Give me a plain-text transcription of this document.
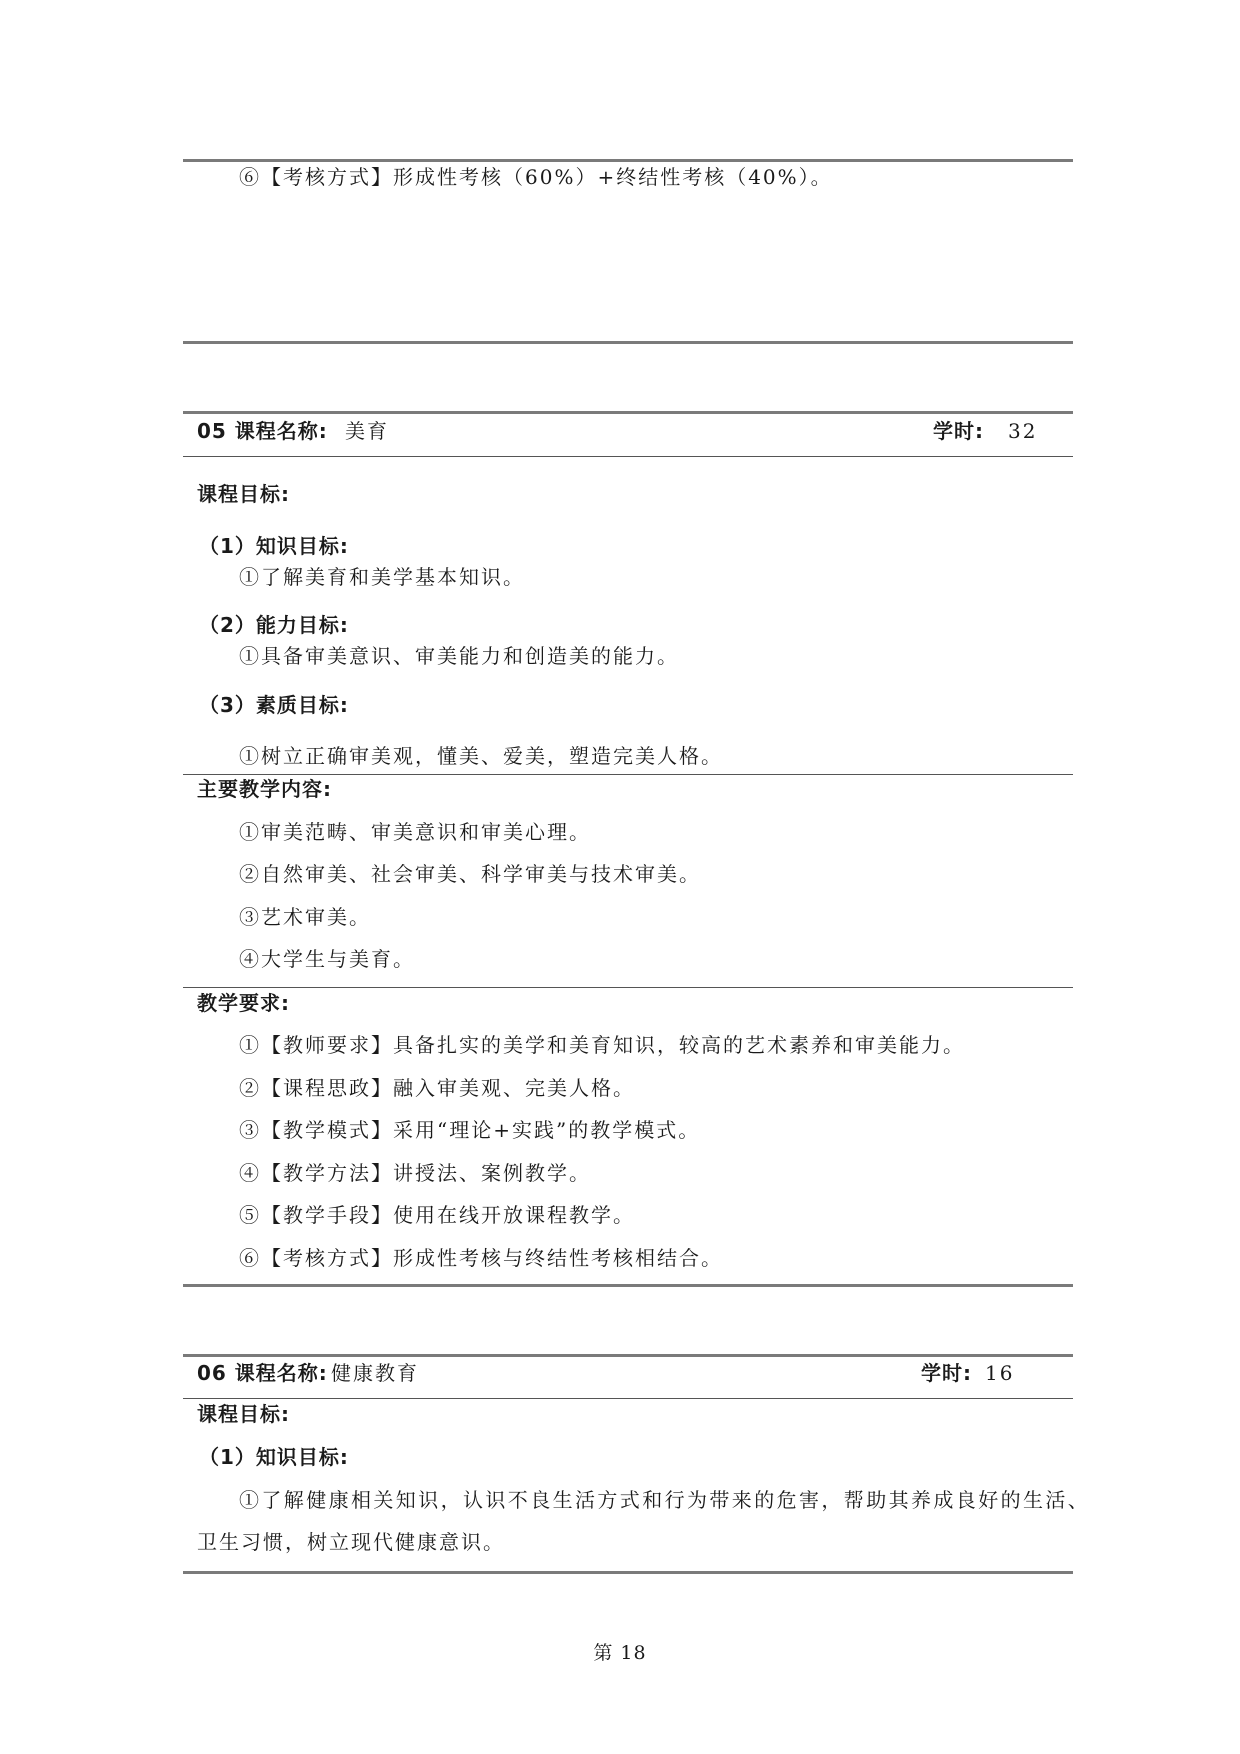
⑥【考核方式】形成性考核（60%）+终结性考核（40%）。
05 课程名称: 美育	学时: 32
课程目标:
（1）知识目标:
①了解美育和美学基本知识。
（2）能力目标:
①具备审美意识、审美能力和创造美的能力。
（3）素质目标:
①树立正确审美观，懂美、爱美，塑造完美人格。
主要教学内容:
①审美范畴、审美意识和审美心理。
②自然审美、社会审美、科学审美与技术审美。
③艺术审美。
④大学生与美育。
教学要求:
①【教师要求】具备扎实的美学和美育知识，较高的艺术素养和审美能力。
②【课程思政】融入审美观、完美人格。
③【教学模式】采用“理论+实践”的教学模式。
④【教学方法】讲授法、案例教学。
⑤【教学手段】使用在线开放课程教学。
⑥【考核方式】形成性考核与终结性考核相结合。
06 课程名称: 健康教育	学时: 16
课程目标:
（1）知识目标:
①了解健康相关知识，认识不良生活方式和行为带来的危害，帮助其养成良好的生活、
卫生习惯，树立现代健康意识。
第 18
